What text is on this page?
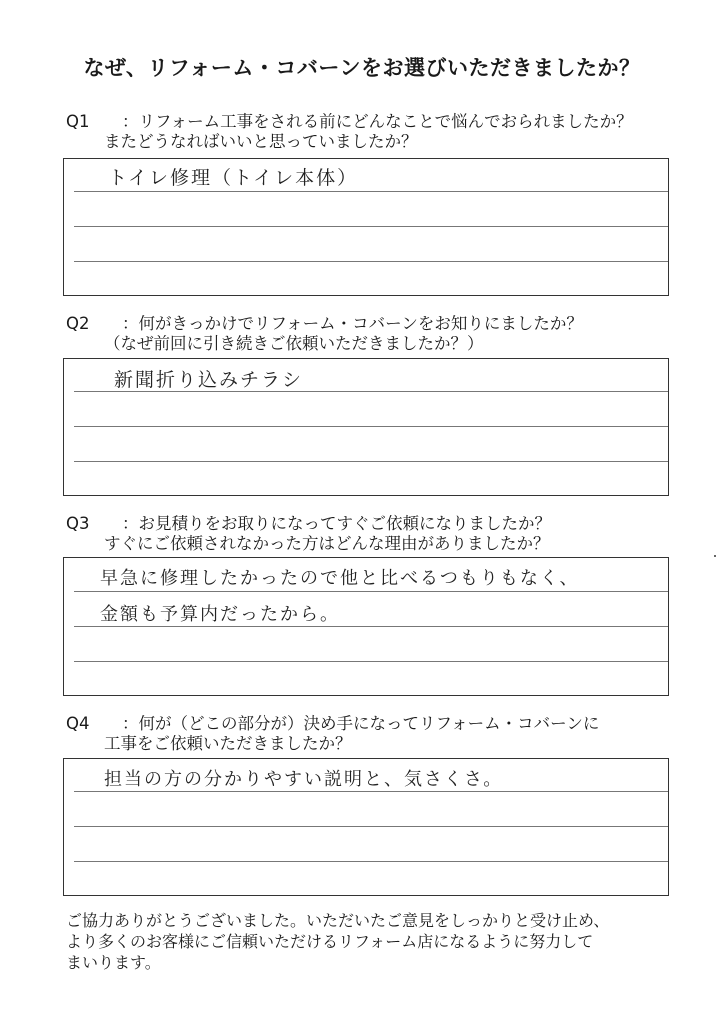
なぜ、リフォーム・コバーンをお選びいただきましたか？
Q1 ：リフォーム工事をされる前にどんなことで悩んでおられましたか？
またどうなればいいと思っていましたか？
トイレ修理（トイレ本体）
Q2 ：何がきっかけでリフォーム・コバーンをお知りにましたか？
（なぜ前回に引き続きご依頼いただきましたか？）
新聞折り込みチラシ
Q3 ：お見積りをお取りになってすぐご依頼になりましたか？
すぐにご依頼されなかった方はどんな理由がありましたか？
早急に修理したかったので他と比べるつもりもなく、
金額も予算内だったから。
Q4 ：何が（どこの部分が）決め手になってリフォーム・コバーンに
工事をご依頼いただきましたか？
担当の方の分かりやすい説明と、気さくさ。
ご協力ありがとうございました。いただいたご意見をしっかりと受け止め、
より多くのお客様にご信頼いただけるリフォーム店になるように努力して
まいります。
